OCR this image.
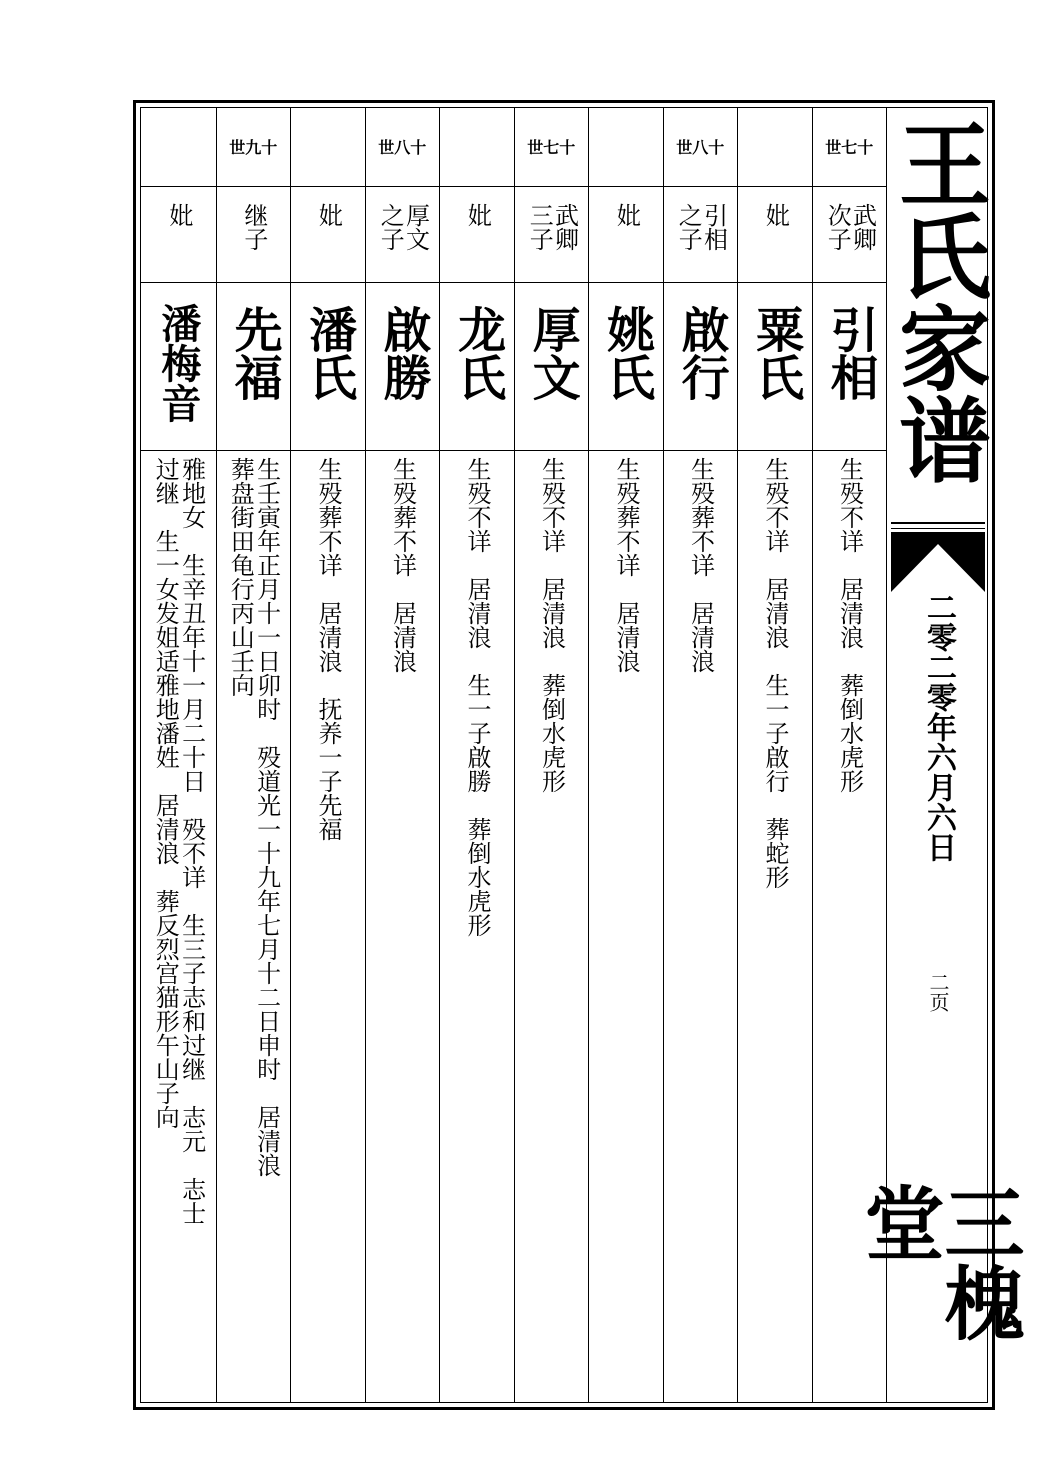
王氏家谱
二零二零年六月六日
二页
三槐堂
世七十
武卿
次子
引相
生殁不详　居清浪　葬倒水虎形
妣
粟氏
生殁不详　居清浪　生一子啟行　葬蛇形
世八十
引相
之子
啟行
生殁葬不详　居清浪
妣
姚氏
生殁葬不详　居清浪
世七十
武卿
三子
厚文
生殁不详　居清浪　葬倒水虎形
妣
龙氏
生殁不详　居清浪　生一子啟勝　葬倒水虎形
世八十
厚文
之子
啟勝
生殁葬不详　居清浪
妣
潘氏
生殁葬不详　居清浪　抚养一子先福
世九十
继子
先福
生壬寅年正月十一日卯时　殁道光一十九年七月十二日申时　居清浪
葬盘街田龟行丙山壬向
妣
潘梅音
雅地女　生辛丑年十一月二十日　殁不详　生三子志和过继　志元　志士
过继　生一女发姐适雅地潘姓　居清浪　葬反烈宫猫形午山子向
